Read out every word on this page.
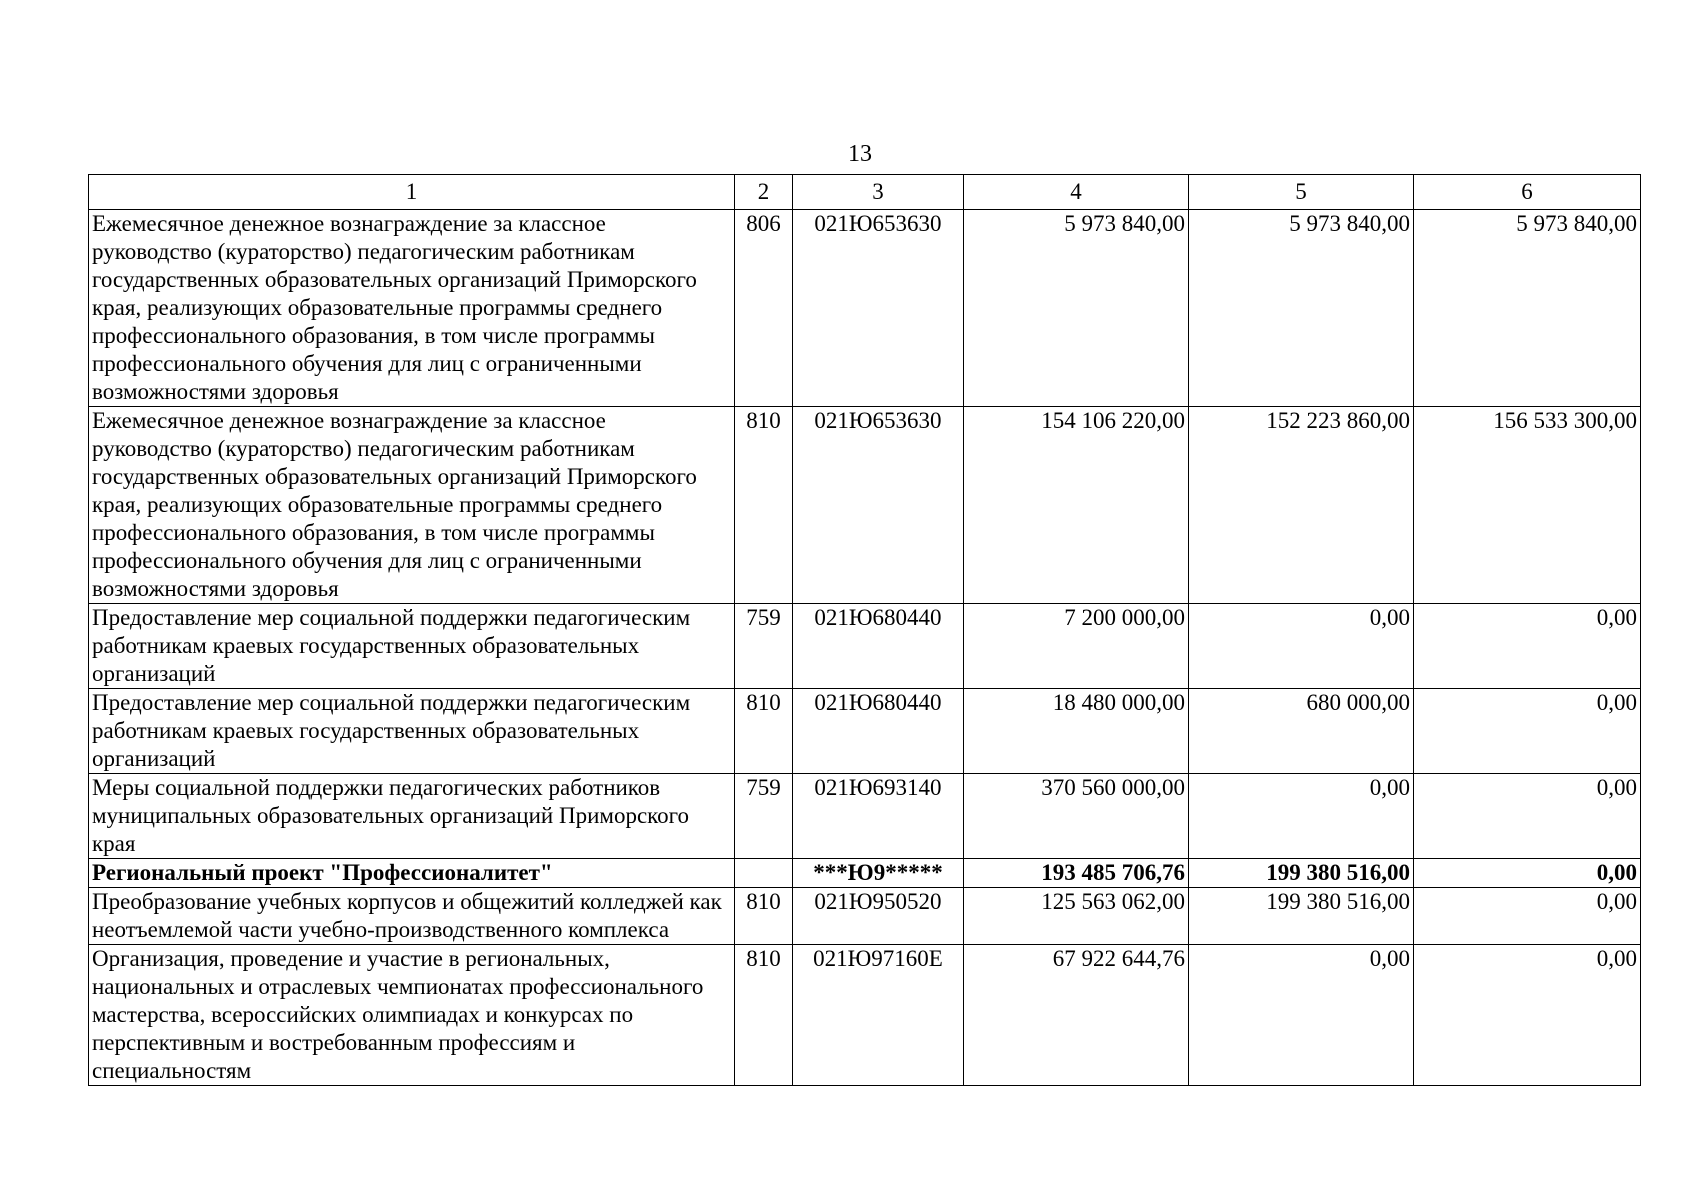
13
1	2	3	4	5	6
Ежемесячное денежное вознаграждение за классное руководство (кураторство) педагогическим работникам государственных образовательных организаций Приморского края, реализующих образовательные программы среднего профессионального образования, в том числе программы профессионального обучения для лиц с ограниченными возможностями здоровья	806	021Ю653630	5 973 840,00	5 973 840,00	5 973 840,00
Ежемесячное денежное вознаграждение за классное руководство (кураторство) педагогическим работникам государственных образовательных организаций Приморского края, реализующих образовательные программы среднего профессионального образования, в том числе программы профессионального обучения для лиц с ограниченными возможностями здоровья	810	021Ю653630	154 106 220,00	152 223 860,00	156 533 300,00
Предоставление мер социальной поддержки педагогическим работникам краевых государственных образовательных организаций	759	021Ю680440	7 200 000,00	0,00	0,00
Предоставление мер социальной поддержки педагогическим работникам краевых государственных образовательных организаций	810	021Ю680440	18 480 000,00	680 000,00	0,00
Меры социальной поддержки педагогических работников муниципальных образовательных организаций Приморского края	759	021Ю693140	370 560 000,00	0,00	0,00
Региональный проект "Профессионалитет"		***Ю9*****	193 485 706,76	199 380 516,00	0,00
Преобразование учебных корпусов и общежитий колледжей как неотъемлемой части учебно-производственного комплекса	810	021Ю950520	125 563 062,00	199 380 516,00	0,00
Организация, проведение и участие в региональных, национальных и отраслевых чемпионатах профессионального мастерства, всероссийских олимпиадах и конкурсах по перспективным и востребованным профессиям и специальностям	810	021Ю97160Е	67 922 644,76	0,00	0,00
